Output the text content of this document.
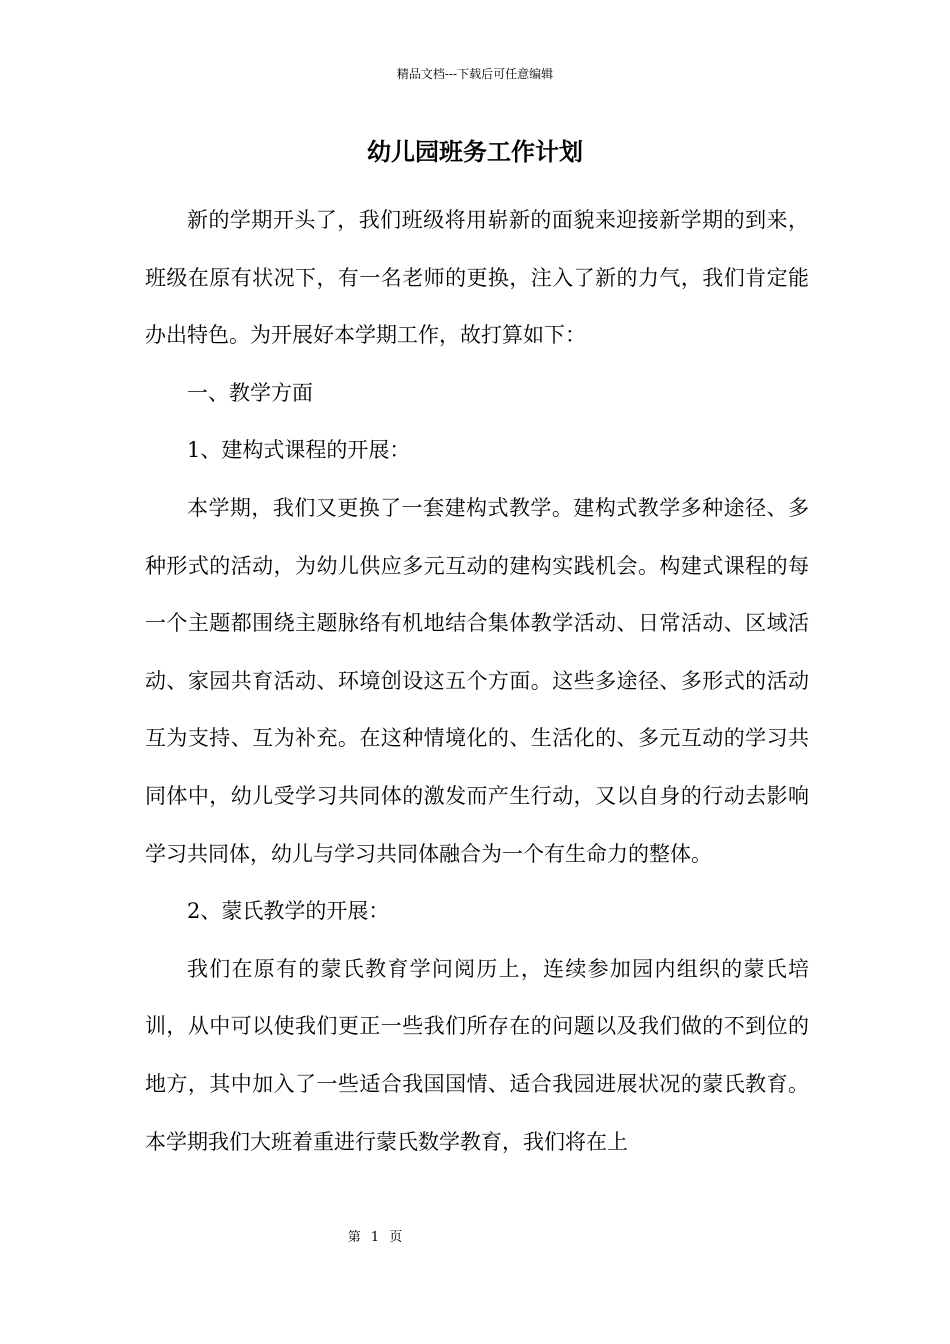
精品文档---下载后可任意编辑
幼儿园班务工作计划

新的学期开头了，我们班级将用崭新的面貌来迎接新学期的到来，班级在原有状况下，有一名老师的更换，注入了新的力气，我们肯定能办出特色。为开展好本学期工作，故打算如下：

一、教学方面

1、建构式课程的开展：

本学期，我们又更换了一套建构式教学。建构式教学多种途径、多种形式的活动，为幼儿供应多元互动的建构实践机会。构建式课程的每一个主题都围绕主题脉络有机地结合集体教学活动、日常活动、区域活动、家园共育活动、环境创设这五个方面。这些多途径、多形式的活动互为支持、互为补充。在这种情境化的、生活化的、多元互动的学习共同体中，幼儿受学习共同体的激发而产生行动，又以自身的行动去影响学习共同体，幼儿与学习共同体融合为一个有生命力的整体。

2、蒙氏教学的开展：

我们在原有的蒙氏教育学问阅历上，连续参加园内组织的蒙氏培训，从中可以使我们更正一些我们所存在的问题以及我们做的不到位的地方，其中加入了一些适合我国国情、适合我园进展状况的蒙氏教育。本学期我们大班着重进行蒙氏数学教育，我们将在上

第 1 页
